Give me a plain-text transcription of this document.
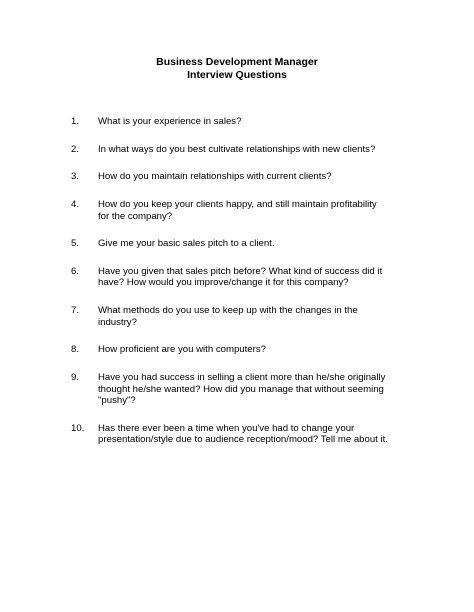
Business Development Manager
Interview Questions
1. What is your experience in sales?
2. In what ways do you best cultivate relationships with new clients?
3. How do you maintain relationships with current clients?
4. How do you keep your clients happy, and still maintain profitability
for the company?
5. Give me your basic sales pitch to a client.
6. Have you given that sales pitch before? What kind of success did it
have? How would you improve/change it for this company?
7. What methods do you use to keep up with the changes in the
industry?
8. How proficient are you with computers?
9. Have you had success in selling a client more than he/she originally
thought he/she wanted? How did you manage that without seeming
"pushy"?
10. Has there ever been a time when you've had to change your
presentation/style due to audience reception/mood? Tell me about it.
